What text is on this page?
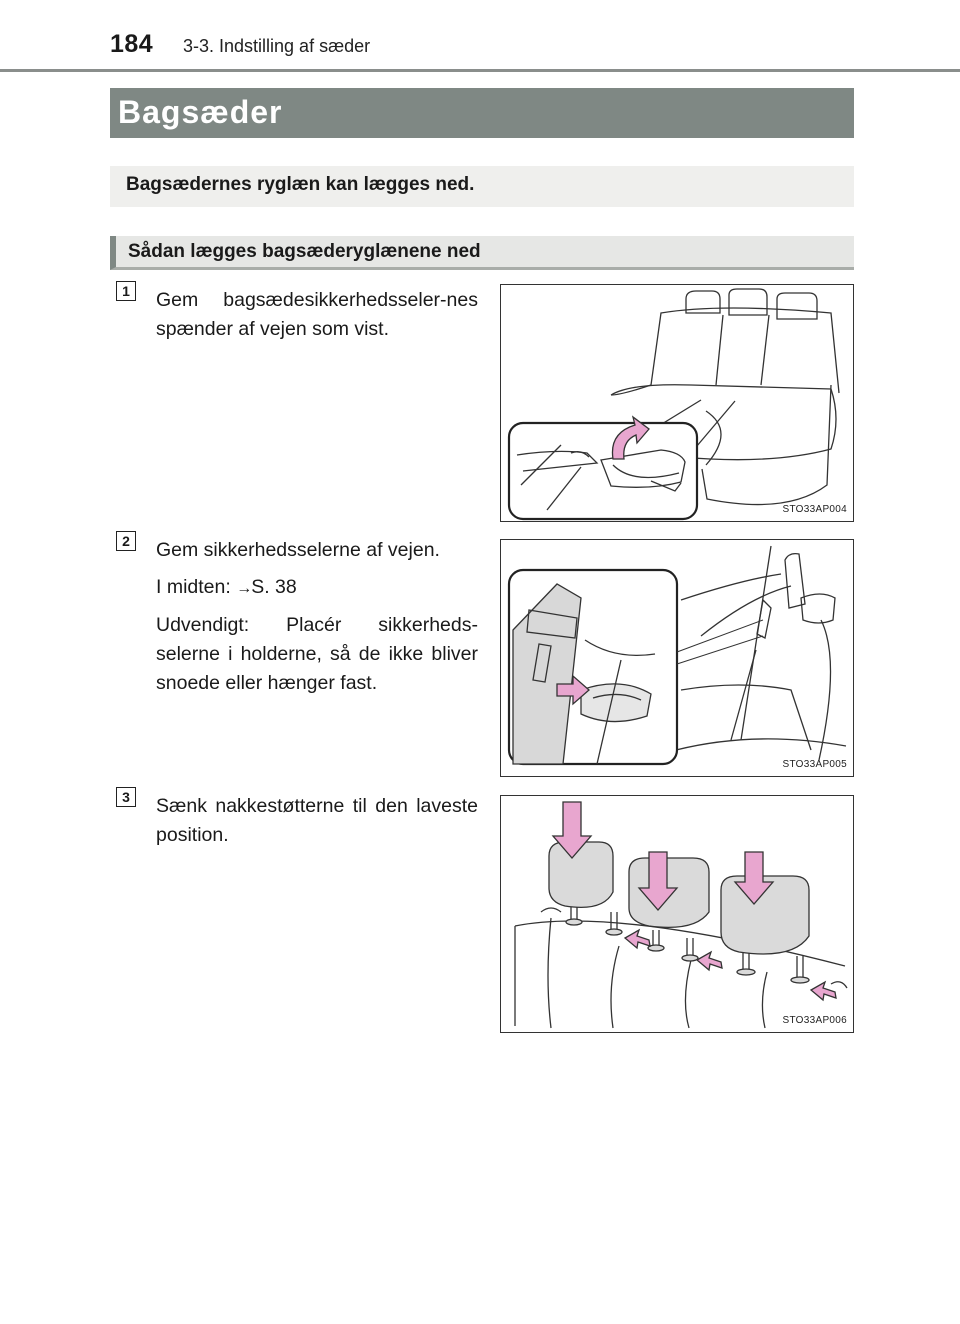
184 3-3. Indstilling af sæder
Bagsæder
Bagsædernes ryglæn kan lægges ned.
Sådan lægges bagsæderyglænene ned
1	Gem bagsædesikkerhedsseler-nes spænder af vejen som vist.

STO33AP004
2	Gem sikkerhedsselerne af vejen.

I midten: →S. 38

Udvendigt: Placér sikkerheds-selerne i holderne, så de ikke bliver snoede eller hænger fast.

STO33AP005
3	Sænk nakkestøtterne til den laveste position.

STO33AP006
